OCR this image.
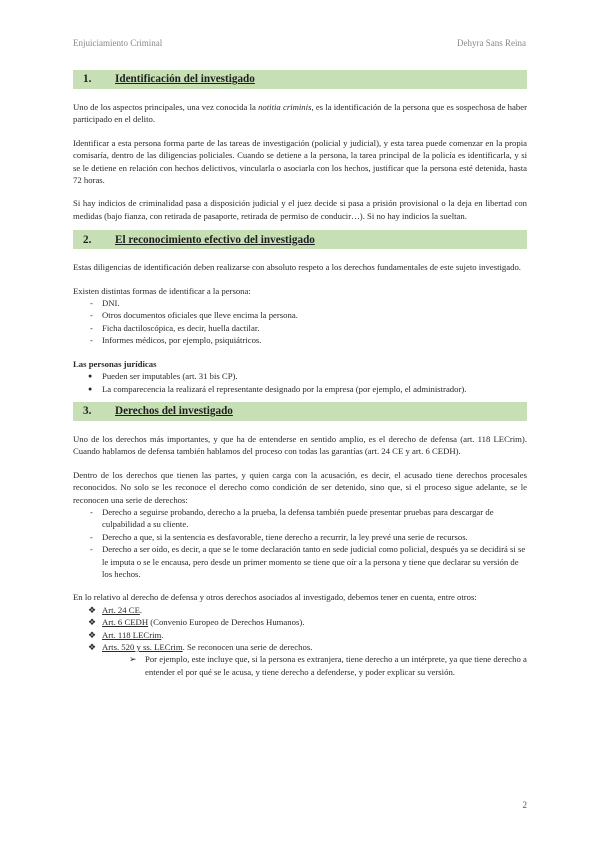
Enjuiciamiento Criminal	Dehyra Sans Reina
1.	Identificación del investigado

Uno de los aspectos principales, una vez conocida la notitia criminis, es la identificación de la persona que es sospechosa de haber participado en el delito.

Identificar a esta persona forma parte de las tareas de investigación (policial y judicial), y esta tarea puede comenzar en la propia comisaría, dentro de las diligencias policiales. Cuando se detiene a la persona, la tarea principal de la policía es identificarla, y si se le detiene en relación con hechos delictivos, vincularla o asociarla con los hechos, justificar que la persona esté detenida, hasta 72 horas.

Si hay indicios de criminalidad pasa a disposición judicial y el juez decide si pasa a prisión provisional o la deja en libertad con medidas (bajo fianza, con retirada de pasaporte, retirada de permiso de conducir…). Si no hay indicios la sueltan.

2.	El reconocimiento efectivo del investigado

Estas diligencias de identificación deben realizarse con absoluto respeto a los derechos fundamentales de este sujeto investigado.

Existen distintas formas de identificar a la persona:

- DNI.
- Otros documentos oficiales que lleve encima la persona.
- Ficha dactiloscópica, es decir, huella dactilar.
- Informes médicos, por ejemplo, psiquiátricos.

Las personas jurídicas

● Pueden ser imputables (art. 31 bis CP).
● La comparecencia la realizará el representante designado por la empresa (por ejemplo, el administrador).
3.	Derechos del investigado

Uno de los derechos más importantes, y que ha de entenderse en sentido amplio, es el derecho de defensa (art. 118 LECrim). Cuando hablamos de defensa también hablamos del proceso con todas las garantías (art. 24 CE y art. 6 CEDH).

Dentro de los derechos que tienen las partes, y quien carga con la acusación, es decir, el acusado tiene derechos procesales reconocidos. No solo se les reconoce el derecho como condición de ser detenido, sino que, si el proceso sigue adelante, se le reconocen una serie de derechos:

- Derecho a seguirse probando, derecho a la prueba, la defensa también puede presentar pruebas para descargar de culpabilidad a su cliente.
- Derecho a que, si la sentencia es desfavorable, tiene derecho a recurrir, la ley prevé una serie de recursos.
- Derecho a ser oído, es decir, a que se le tome declaración tanto en sede judicial como policial, después ya se decidirá si se le imputa o se le encausa, pero desde un primer momento se tiene que oír a la persona y tiene que declarar su versión de los hechos.

En lo relativo al derecho de defensa y otros derechos asociados al investigado, debemos tener en cuenta, entre otros:

❖ Art. 24 CE.
❖ Art. 6 CEDH (Convenio Europeo de Derechos Humanos).
❖ Art. 118 LECrim.
❖ Arts. 520 y ss. LECrim. Se reconocen una serie de derechos.
➢ Por ejemplo, este incluye que, si la persona es extranjera, tiene derecho a un intérprete, ya que tiene derecho a entender el por qué se le acusa, y tiene derecho a defenderse, y poder explicar su versión.
2
